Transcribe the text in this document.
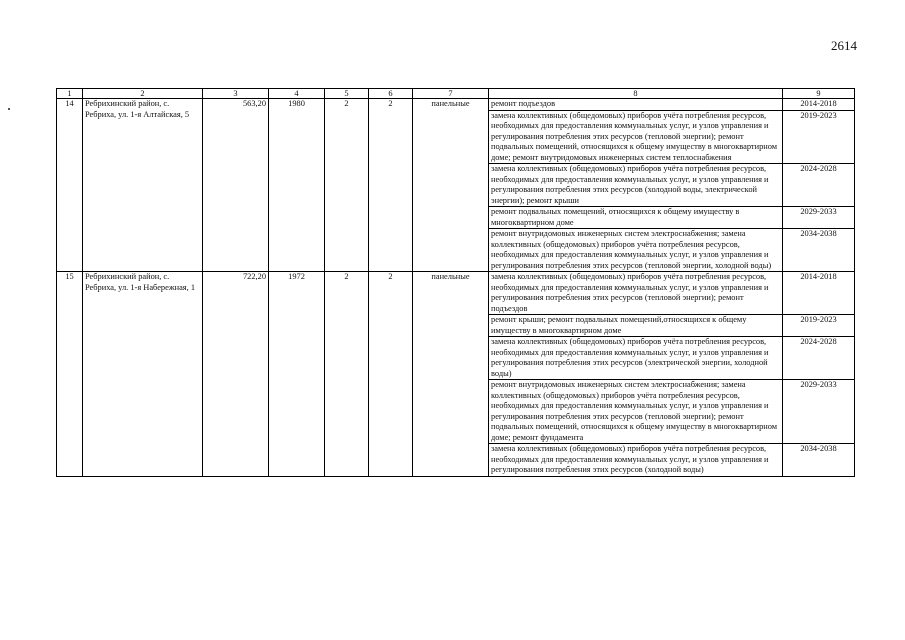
2614
1	2	3	4	5	6	7	8	9
14	Ребрихинский район, с. Ребриха, ул. 1-я Алтайская, 5	563,20	1980	2	2	панельные	ремонт подъездов	2014-2018
							замена коллективных (общедомовых) приборов учёта потребления ресурсов, необходимых для предоставления коммунальных услуг, и узлов управления и регулирования потребления этих ресурсов (тепловой энергии); ремонт подвальных помещений, относящихся к общему имуществу в многоквартирном доме; ремонт внутридомовых инженерных систем теплоснабжения	2019-2023
							замена коллективных (общедомовых) приборов учёта потребления ресурсов, необходимых для предоставления коммунальных услуг, и узлов управления и регулирования потребления этих ресурсов (холодной воды, электрической энергии); ремонт крыши	2024-2028
							ремонт подвальных помещений, относящихся к общему имуществу в многоквартирном доме	2029-2033
							ремонт внутридомовых инженерных систем электроснабжения; замена коллективных (общедомовых) приборов учёта потребления ресурсов, необходимых для предоставления коммунальных услуг, и узлов управления и регулирования потребления этих ресурсов (тепловой энергии, холодной воды)	2034-2038
15	Ребрихинский район, с. Ребриха, ул. 1-я Набережная, 1	722,20	1972	2	2	панельные	замена коллективных (общедомовых) приборов учёта потребления ресурсов, необходимых для предоставления коммунальных услуг, и узлов управления и регулирования потребления этих ресурсов (тепловой энергии); ремонт подъездов	2014-2018
							ремонт крыши; ремонт подвальных помещений,относящихся к общему имуществу в многоквартирном доме	2019-2023
							замена коллективных (общедомовых) приборов учёта потребления ресурсов, необходимых для предоставления коммунальных услуг, и узлов управления и регулирования потребления этих ресурсов (электрической энергии, холодной воды)	2024-2028
							ремонт внутридомовых инженерных систем электроснабжения; замена коллективных (общедомовых) приборов учёта потребления ресурсов, необходимых для предоставления коммунальных услуг, и узлов управления и регулирования потребления этих ресурсов (тепловой энергии); ремонт подвальных помещений, относящихся к общему имуществу в многоквартирном доме; ремонт фундамента	2029-2033
							замена коллективных (общедомовых) приборов учёта потребления ресурсов, необходимых для предоставления коммунальных услуг, и узлов управления и регулирования потребления этих ресурсов (холодной воды)	2034-2038
